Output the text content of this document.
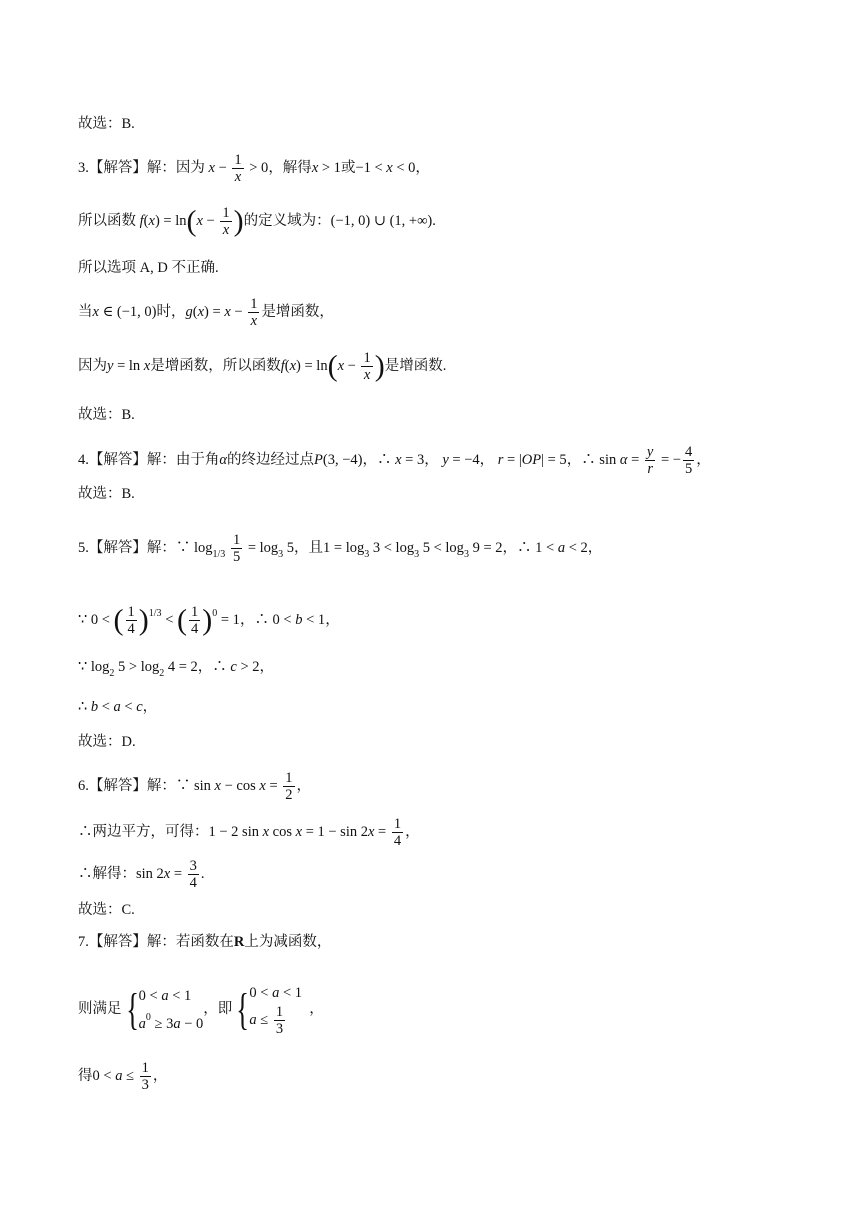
故选：B.
3.【解答】解：因为 $x - \frac{1}{x} > 0$，解得x > 1或−1 < x < 0，
所以函数 $f(x) = \ln(x - \frac{1}{x}$ )的定义域为：(−1, 0) ∪ (1, +∞).
所以选项 A, D 不正确.
当x ∈ (−1, 0)时，$g(x) = x - \frac{1}{x}$ 是增函数，
因为y = ln x是增函数，所以函数$f(x) = \ln(x - \frac{1}{x}$ )是增函数.
故选：B.
4.【解答】解：由于角α的终边经过点P(3, −4)，∴ x = 3， y = −4， r = |OP| = 5，∴ $\sin \alpha = \frac{y}{r}$ = − $\frac{4}{5}$ ，
故选：B.
5.【解答】解：∵ $\log_{1/3} \frac{1}{5} = \log_3 5$，且$1 = \log_3 3 < \log_3 5 < \log_3 9 = 2$，∴ 1 < a < 2，
∵ 0 < ( $\frac{1}{4} )^{1/3}$ < ( $\frac{1}{4} )^0 = 1$，∴ 0 < b < 1，
∵ $\log_2 5 > \log_2 4 = 2$，∴ c > 2，
∴ b < a < c，
故选：D.
6.【解答】解：∵ $\sin x - \cos x = \frac{1}{2}$ ，
∴两边平方，可得：1 − 2 sin x $\cos x = 1 - \sin 2x = \frac{1}{4}$ ，
∴解得：$\sin 2x = \frac{3}{4}$ .
故选：C.
7.【解答】解：若函数在R上为减函数，
则满足{ 0 < a < 1
$a^0 \ge 3a - 0$
，即{ 0 < a < 1
$a \le \frac{1}{3}$ ，
得$0 < a \le \frac{1}{3}$ ，
